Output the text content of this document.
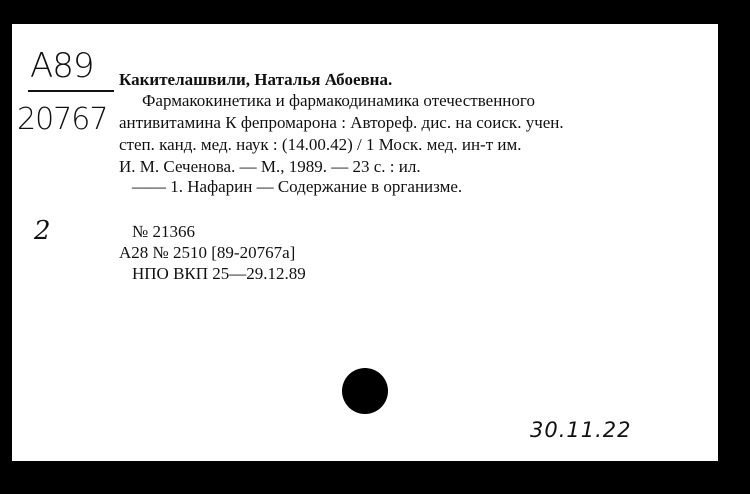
A89
20767
Какителашвили, Наталья Абоевна.
Фармакокинетика и фармакодинамика отечественного
антивитамина К фепромарона : Автореф. дис. на соиск. учен.
степ. канд. мед. наук : (14.00.42) / 1 Моск. мед. ин-т им.
И. М. Сеченова. — М., 1989. — 23 с. : ил.
—— 1. Нафарин — Содержание в организме.
2	№ 21366
А28 № 2510 [89-20767а]
НПО ВКП 25—29.12.89
30.11.22
